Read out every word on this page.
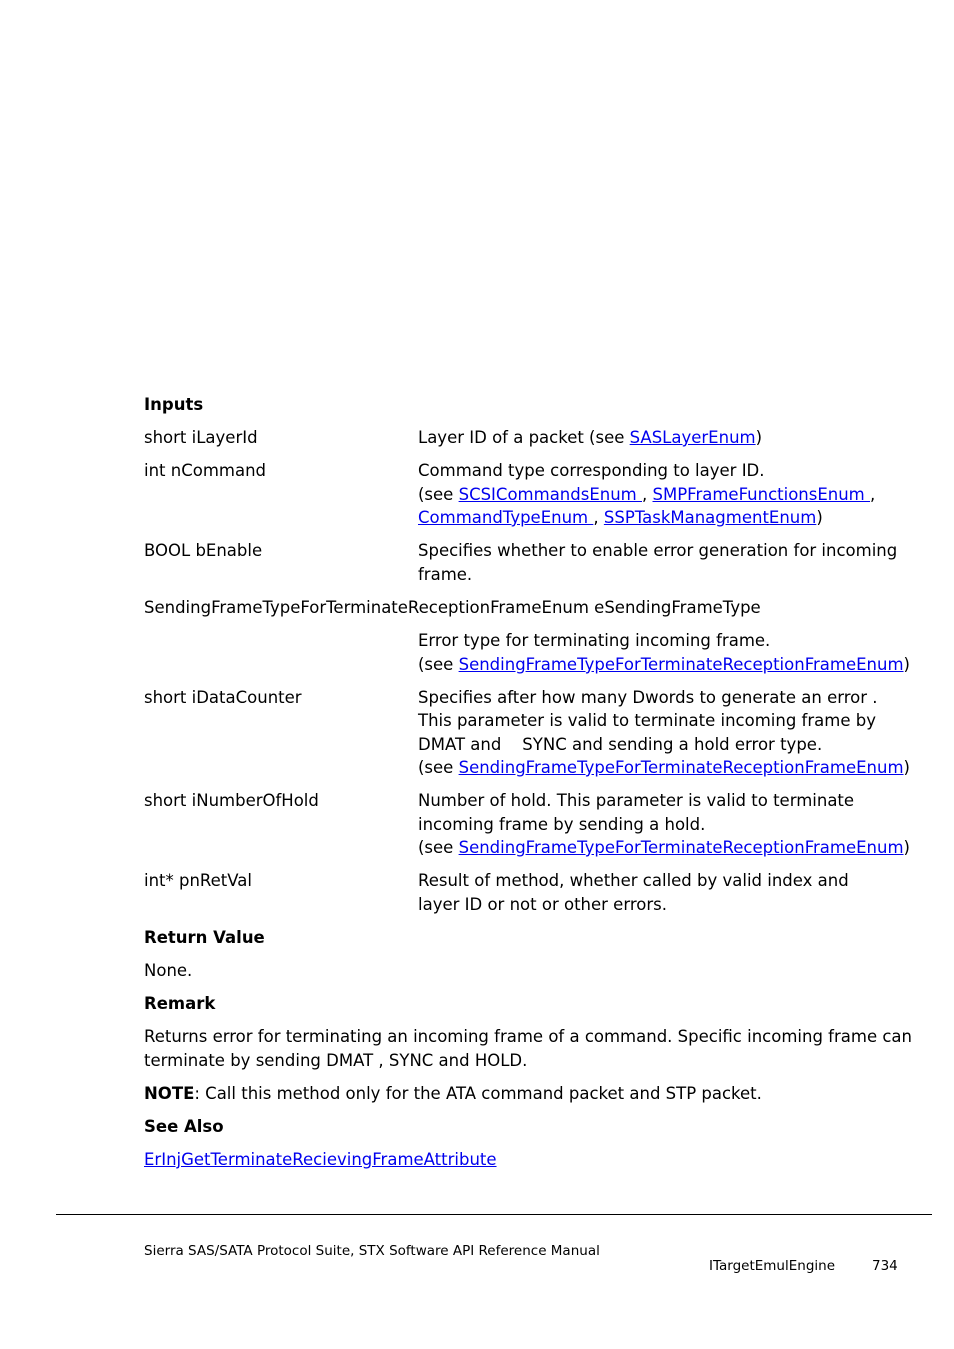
Inputs
short iLayerId	Layer ID of a packet (see SASLayerEnum)
int nCommand	Command type corresponding to layer ID.
(see SCSICommandsEnum , SMPFrameFunctionsEnum ,
CommandTypeEnum , SSPTaskManagmentEnum)
BOOL bEnable	Specifies whether to enable error generation for incoming
frame.
SendingFrameTypeForTerminateReceptionFrameEnum eSendingFrameType
Error type for terminating incoming frame.
(see SendingFrameTypeForTerminateReceptionFrameEnum)
short iDataCounter	Specifies after how many Dwords to generate an error .
This parameter is valid to terminate incoming frame by
DMAT and    SYNC and sending a hold error type.
(see SendingFrameTypeForTerminateReceptionFrameEnum)
short iNumberOfHold	Number of hold. This parameter is valid to terminate
incoming frame by sending a hold.
(see SendingFrameTypeForTerminateReceptionFrameEnum)
int* pnRetVal	Result of method, whether called by valid index and
layer ID or not or other errors.
Return Value
None.
Remark
Returns error for terminating an incoming frame of a command. Specific incoming frame can
terminate by sending DMAT , SYNC and HOLD.
NOTE: Call this method only for the ATA command packet and STP packet.
See Also
ErInjGetTerminateRecievingFrameAttribute
Sierra SAS/SATA Protocol Suite, STX Software API Reference Manual
ITargetEmulEngine	734
